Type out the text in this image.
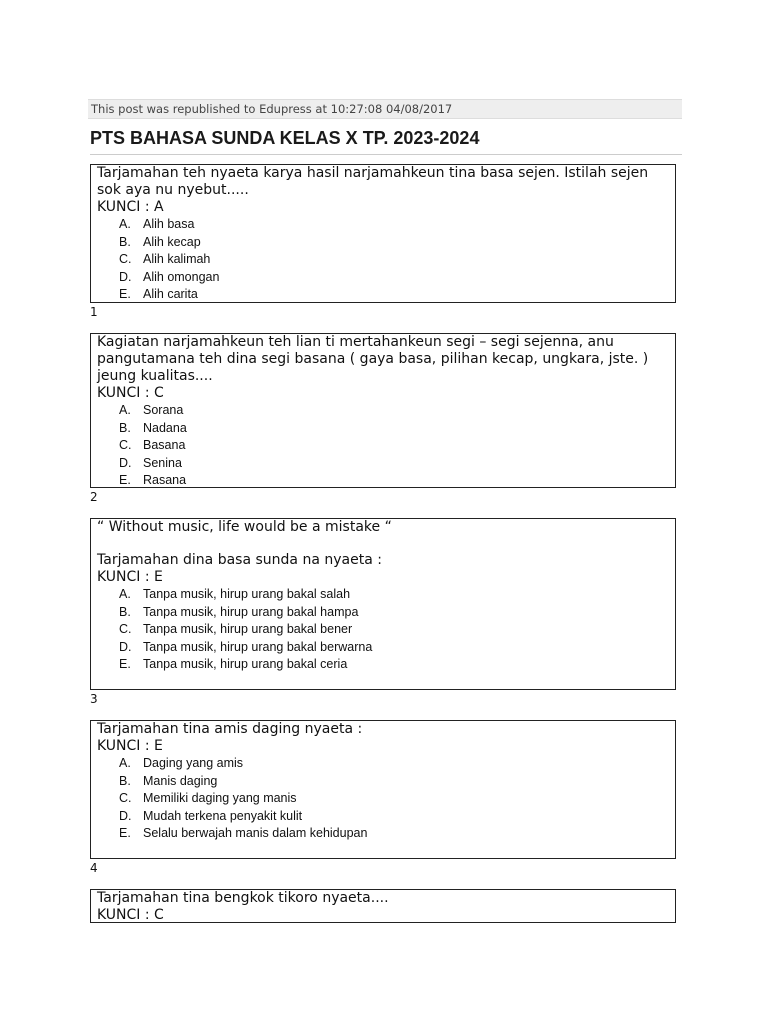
This post was republished to Edupress at 10:27:08 04/08/2017
PTS BAHASA SUNDA KELAS X TP. 2023-2024
Tarjamahan teh nyaeta karya hasil narjamahkeun tina basa sejen. Istilah sejen
sok aya nu nyebut.....
KUNCI : A
A. Alih basa
B. Alih kecap
C. Alih kalimah
D. Alih omongan
E. Alih carita
1
Kagiatan narjamahkeun teh lian ti mertahankeun segi – segi sejenna, anu
pangutamana teh dina segi basana ( gaya basa, pilihan kecap, ungkara, jste. )
jeung kualitas....
KUNCI : C
A. Sorana
B. Nadana
C. Basana
D. Senina
E. Rasana
2
“ Without music, life would be a mistake “
Tarjamahan dina basa sunda na nyaeta :
KUNCI : E
A. Tanpa musik, hirup urang bakal salah
B. Tanpa musik, hirup urang bakal hampa
C. Tanpa musik, hirup urang bakal bener
D. Tanpa musik, hirup urang bakal berwarna
E. Tanpa musik, hirup urang bakal ceria
3
Tarjamahan tina amis daging nyaeta :
KUNCI : E
A. Daging yang amis
B. Manis daging
C. Memiliki daging yang manis
D. Mudah terkena penyakit kulit
E. Selalu berwajah manis dalam kehidupan
4
Tarjamahan tina bengkok tikoro nyaeta....
KUNCI : C
